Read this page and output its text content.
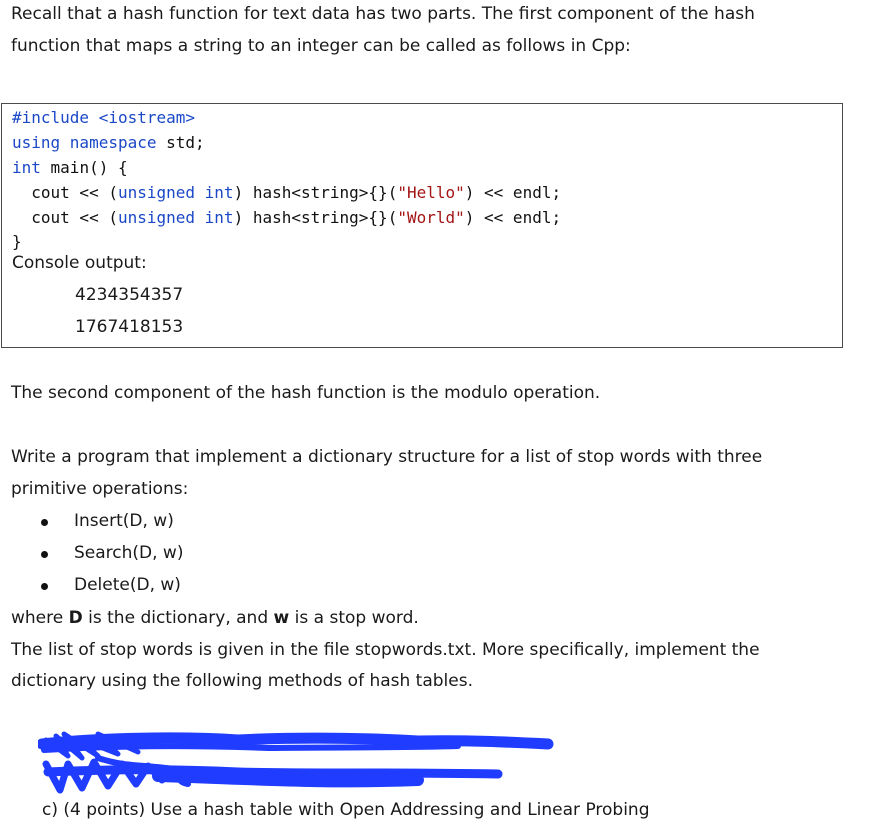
Recall that a hash function for text data has two parts. The first component of the hash
function that maps a string to an integer can be called as follows in Cpp:
#include <iostream>
using namespace std;
int main() {
cout << (unsigned int) hash<string>{}("Hello") << endl;
cout << (unsigned int) hash<string>{}("World") << endl;
}
Console output:
4234354357
1767418153
The second component of the hash function is the modulo operation.
Write a program that implement a dictionary structure for a list of stop words with three
primitive operations:
Insert(D, w)
Search(D, w)
Delete(D, w)
where D is the dictionary, and w is a stop word.
The list of stop words is given in the file stopwords.txt. More specifically, implement the
dictionary using the following methods of hash tables.
c) (4 points) Use a hash table with Open Addressing and Linear Probing
